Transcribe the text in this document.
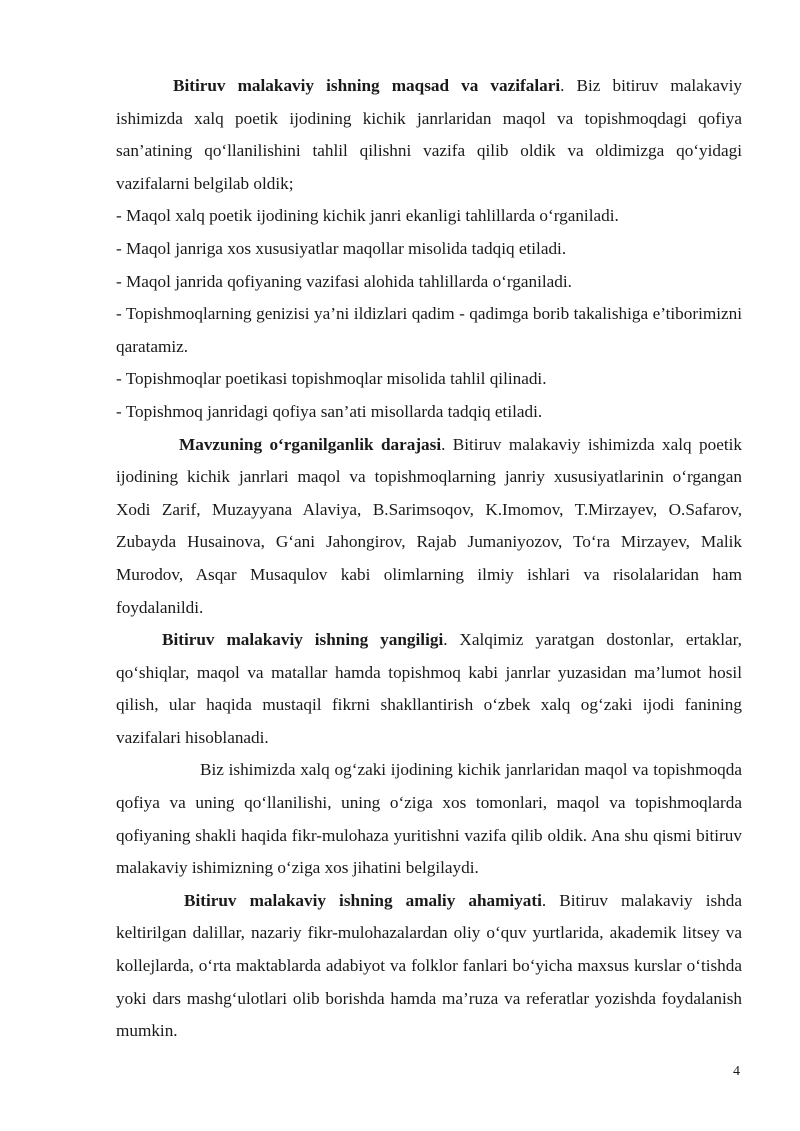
Bitiruv malakaviy ishning maqsad va vazifalari. Biz bitiruv malakaviy ishimizda xalq poetik ijodining kichik janrlaridan maqol va topishmoqdagi qofiya san’atining qo‘llanilishini tahlil qilishni vazifa qilib oldik va oldimizga qo‘yidagi vazifalarni belgilab oldik;

- Maqol xalq poetik ijodining kichik janri ekanligi tahlillarda o‘rganiladi.

- Maqol janriga xos xususiyatlar maqollar misolida tadqiq etiladi.

- Maqol janrida qofiyaning vazifasi alohida tahlillarda o‘rganiladi.

- Topishmoqlarning genizisi ya’ni ildizlari qadim - qadimga borib takalishiga e’tiborimizni qaratamiz.

- Topishmoqlar poetikasi topishmoqlar misolida tahlil qilinadi.

- Topishmoq janridagi qofiya san’ati misollarda tadqiq etiladi.

Mavzuning o‘rganilganlik darajasi. Bitiruv malakaviy ishimizda xalq poetik ijodining kichik janrlari maqol va topishmoqlarning janriy xususiyatlarinin o‘rgangan Xodi Zarif, Muzayyana Alaviya, B.Sarimsoqov, K.Imomov, T.Mirzayev, O.Safarov, Zubayda Husainova, G‘ani Jahongirov, Rajab Jumaniyozov, To‘ra Mirzayev, Malik Murodov, Asqar Musaqulov kabi olimlarning ilmiy ishlari va risolalaridan ham foydalanildi.

Bitiruv malakaviy ishning yangiligi. Xalqimiz yaratgan dostonlar, ertaklar, qo‘shiqlar, maqol va matallar hamda topishmoq kabi janrlar yuzasidan ma’lumot hosil qilish, ular haqida mustaqil fikrni shakllantirish o‘zbek xalq og‘zaki ijodi fanining vazifalari hisoblanadi.

Biz ishimizda xalq og‘zaki ijodining kichik janrlaridan maqol va topishmoqda qofiya va uning qo‘llanilishi, uning o‘ziga xos tomonlari, maqol va topishmoqlarda qofiyaning shakli haqida fikr-mulohaza yuritishni vazifa qilib oldik. Ana shu qismi bitiruv malakaviy ishimizning o‘ziga xos jihatini belgilaydi.

Bitiruv malakaviy ishning amaliy ahamiyati. Bitiruv malakaviy ishda keltirilgan dalillar, nazariy fikr-mulohazalardan oliy o‘quv yurtlarida, akademik litsey va kollejlarda, o‘rta maktablarda adabiyot va folklor fanlari bo‘yicha maxsus kurslar o‘tishda yoki dars mashg‘ulotlari olib borishda hamda ma’ruza va referatlar yozishda foydalanish mumkin.

4
